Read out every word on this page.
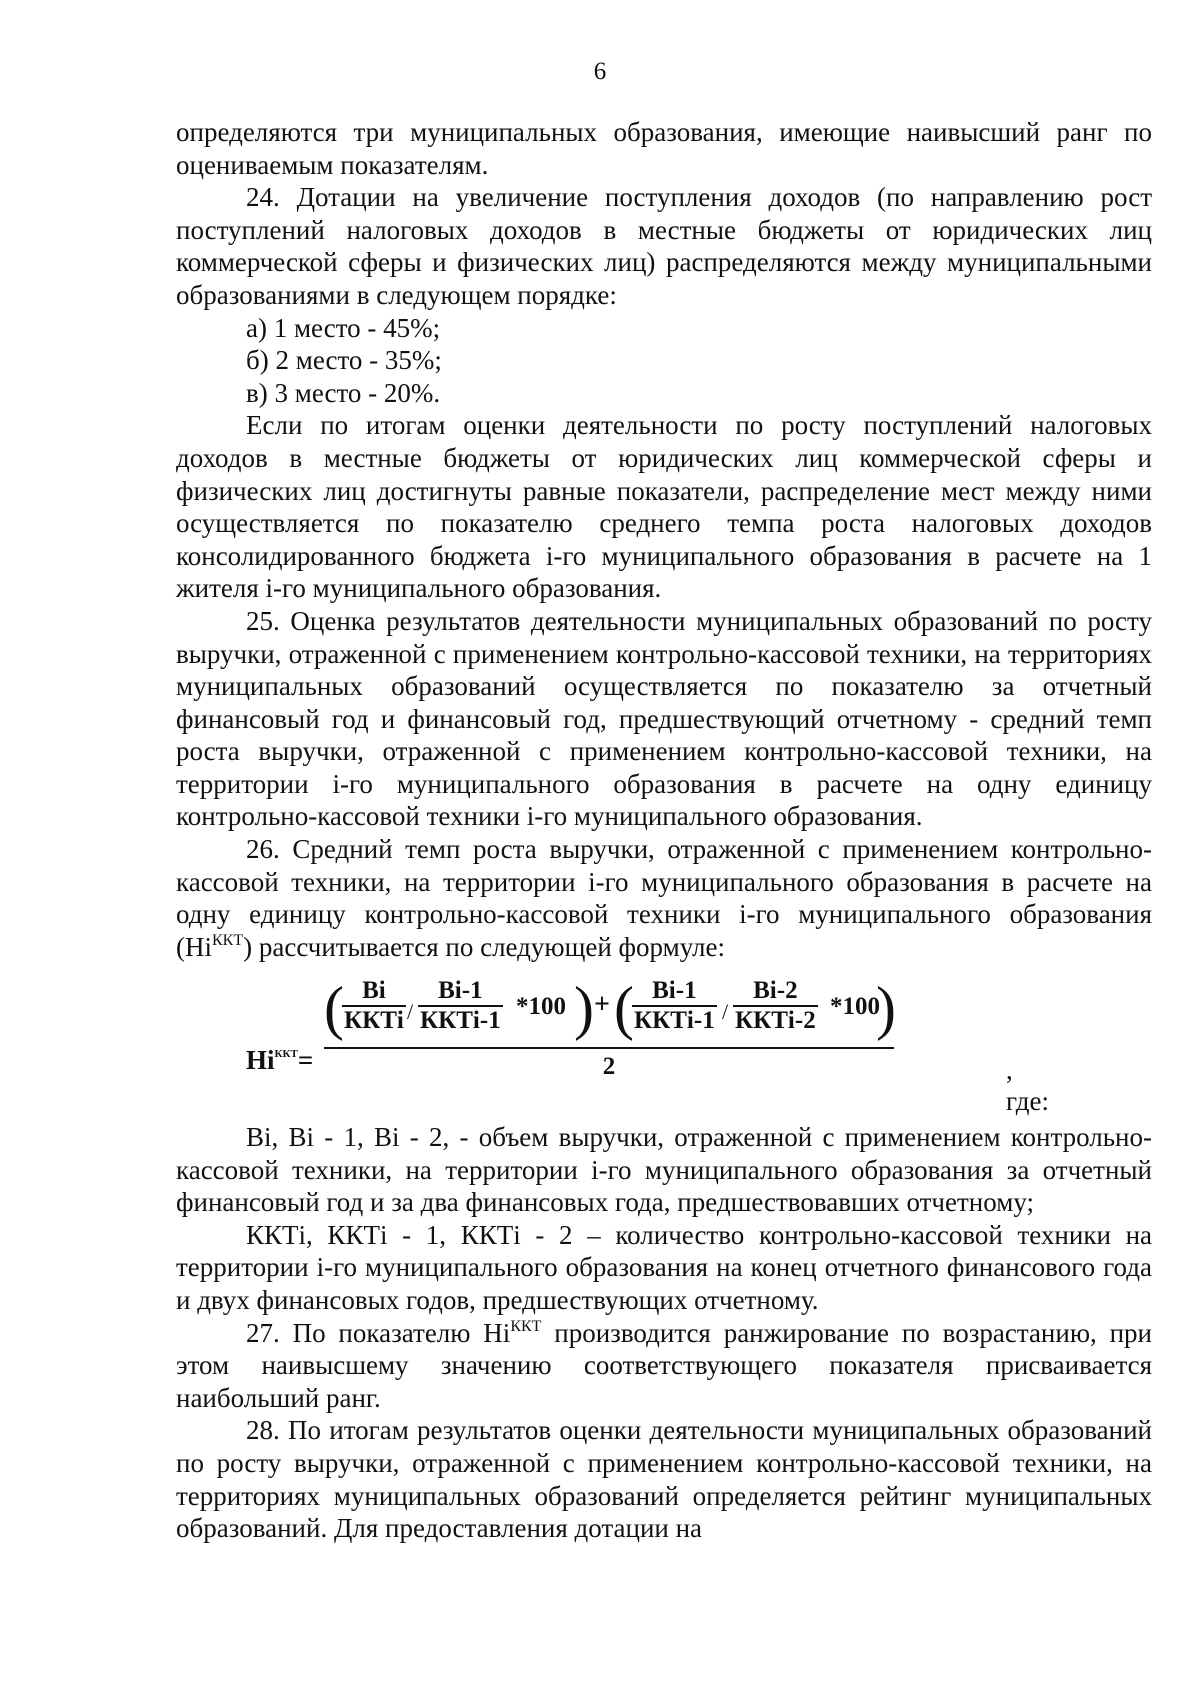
6

определяются три муниципальных образования, имеющие наивысший ранг по оцениваемым показателям.

24. Дотации на увеличение поступления доходов (по направлению рост поступлений налоговых доходов в местные бюджеты от юридических лиц коммерческой сферы и физических лиц) распределяются между муниципальными образованиями в следующем порядке:

а) 1 место - 45%;

б) 2 место - 35%;

в) 3 место - 20%.

Если по итогам оценки деятельности по росту поступлений налоговых доходов в местные бюджеты от юридических лиц коммерческой сферы и физических лиц достигнуты равные показатели, распределение мест между ними осуществляется по показателю среднего темпа роста налоговых доходов консолидированного бюджета i-го муниципального образования в расчете на 1 жителя i-го муниципального образования.

25. Оценка результатов деятельности муниципальных образований по росту выручки, отраженной с применением контрольно-кассовой техники, на территориях муниципальных образований осуществляется по показателю за отчетный финансовый год и финансовый год, предшествующий отчетному - средний темп роста выручки, отраженной с применением контрольно-кассовой техники, на территории i-го муниципального образования в расчете на одну единицу контрольно-кассовой техники i-го муниципального образования.

26. Средний темп роста выручки, отраженной с применением контрольно-кассовой техники, на территории i-го муниципального образования в расчете на одну единицу контрольно-кассовой техники i-го муниципального образования $(Hi^{ККТ})$ рассчитывается по следующей формуле:

$Hi^{ККТ}=$
( Bi
ККТi /
Bi-1
ККТi-1
*100 ) + ( Bi-1
ККТi-1 /
Bi-2
ККТi-2
*100
)
2	, где:

Bi, Bi - 1, Bi - 2, - объем выручки, отраженной с применением контрольно-кассовой техники, на территории i-го муниципального образования за отчетный финансовый год и за два финансовых года, предшествовавших отчетному;

ККТi, ККТi - 1, ККТi - 2 – количество контрольно-кассовой техники на территории i-го муниципального образования на конец отчетного финансового года и двух финансовых годов, предшествующих отчетному.

27. По показателю $Hi^{ККТ}$ производится ранжирование по возрастанию, при этом наивысшему значению соответствующего показателя присваивается наибольший ранг.

28. По итогам результатов оценки деятельности муниципальных образований по росту выручки, отраженной с применением контрольно-кассовой техники, на территориях муниципальных образований определяется рейтинг муниципальных образований. Для предоставления дотации на
